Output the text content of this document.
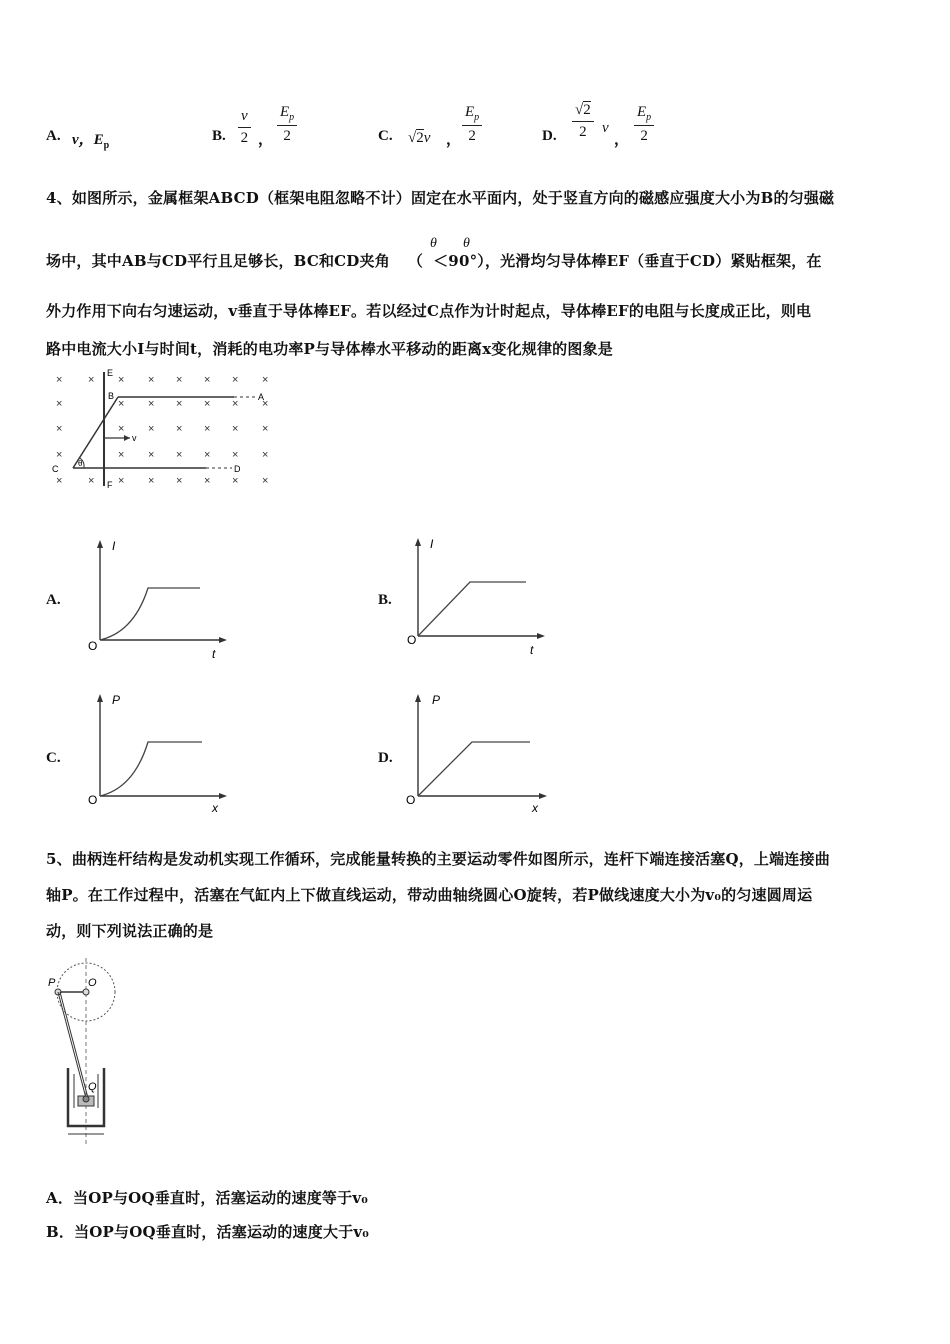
A. v，$E_p$
B. $\frac{v}{2}$ ， $\frac{E_p}{2}$	C. √2v ， $\frac{E_p}{2}$	D. $\frac{√2}{2}$ v
， $\frac{E_p}{2}$
4、如图所示，金属框架ABCD（框架电阻忽略不计）固定在水平面内，处于竖直方向的磁感应强度大小为B的匀强磁
θ θ
场中，其中AB与CD平行且足够长，BC和CD夹角 （ ＜90°），光滑均匀导体棒EF（垂直于CD）紧贴框架，在
外力作用下向右匀速运动，v垂直于导体棒EF。若以经过C点作为计时起点，导体棒EF的电阻与长度成正比，则电
路中电流大小I与时间t，消耗的电功率P与导体棒水平移动的距离x变化规律的图象是
× × × × × × × ×
×	× × × × × ×
×	× × × × × ×
×	× × × × × ×
× × × × × × × ×
E
F
B	A
C	D
v
θ
A.
I
t
O
B.
I
t
O
C.
P
x
O
D.
P
x
O
5、曲柄连杆结构是发动机实现工作循环，完成能量转换的主要运动零件如图所示，连杆下端连接活塞Q，上端连接曲
轴P。在工作过程中，活塞在气缸内上下做直线运动，带动曲轴绕圆心O旋转，若P做线速度大小为v₀的匀速圆周运
动，则下列说法正确的是
P	O
Q
A．当OP与OQ垂直时，活塞运动的速度等于v₀
B．当OP与OQ垂直时，活塞运动的速度大于v₀
